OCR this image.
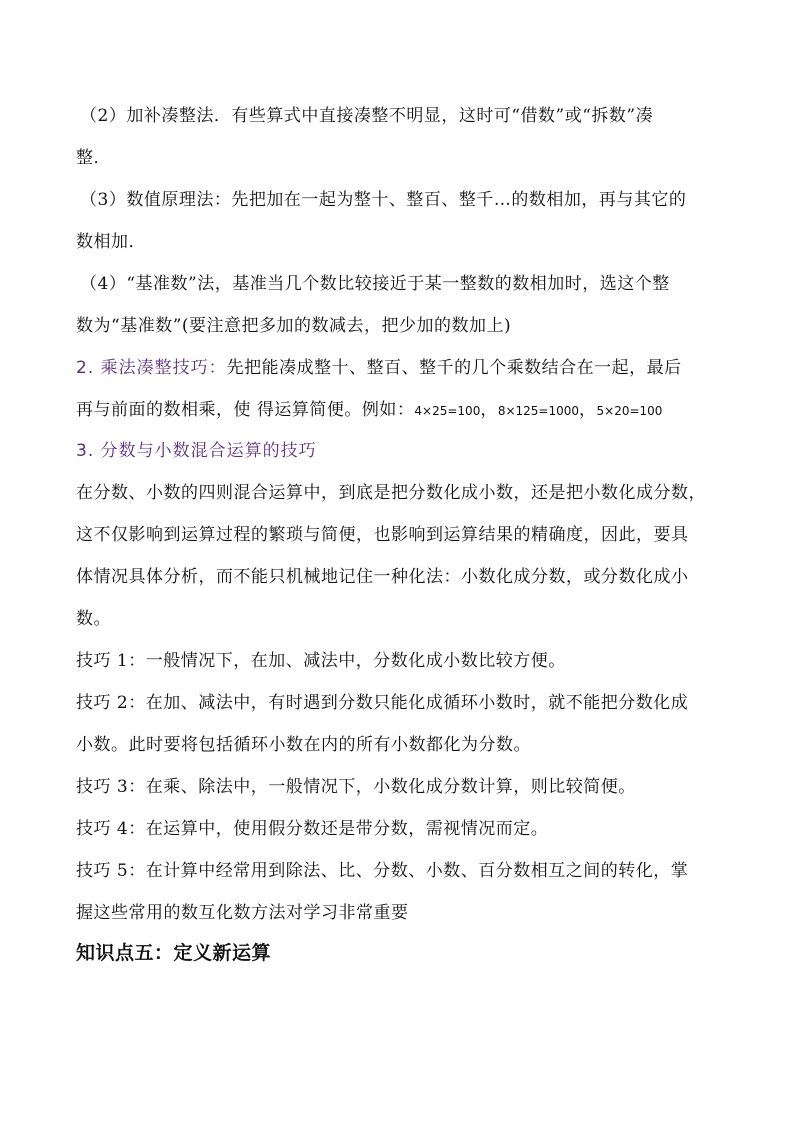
（2）加补凑整法．有些算式中直接凑整不明显，这时可“借数”或“拆数”凑
整．
（3）数值原理法：先把加在一起为整十、整百、整千…的数相加，再与其它的
数相加．
（4）“基准数”法，基准当几个数比较接近于某一整数的数相加时，选这个整
数为“基准数”(要注意把多加的数减去，把少加的数加上)
2. 乘法凑整技巧：先把能凑成整十、整百、整千的几个乘数结合在一起，最后
再与前面的数相乘，使 得运算简便。例如：4×25=100，8×125=1000，5×20=100
3. 分数与小数混合运算的技巧
在分数、小数的四则混合运算中，到底是把分数化成小数，还是把小数化成分数，
这不仅影响到运算过程的繁琐与简便，也影响到运算结果的精确度，因此，要具
体情况具体分析，而不能只机械地记住一种化法：小数化成分数，或分数化成小
数。
技巧 1：一般情况下，在加、减法中，分数化成小数比较方便。
技巧 2：在加、减法中，有时遇到分数只能化成循环小数时，就不能把分数化成
小数。此时要将包括循环小数在内的所有小数都化为分数。
技巧 3：在乘、除法中，一般情况下，小数化成分数计算，则比较简便。
技巧 4：在运算中，使用假分数还是带分数，需视情况而定。
技巧 5：在计算中经常用到除法、比、分数、小数、百分数相互之间的转化，掌
握这些常用的数互化数方法对学习非常重要
知识点五：定义新运算
